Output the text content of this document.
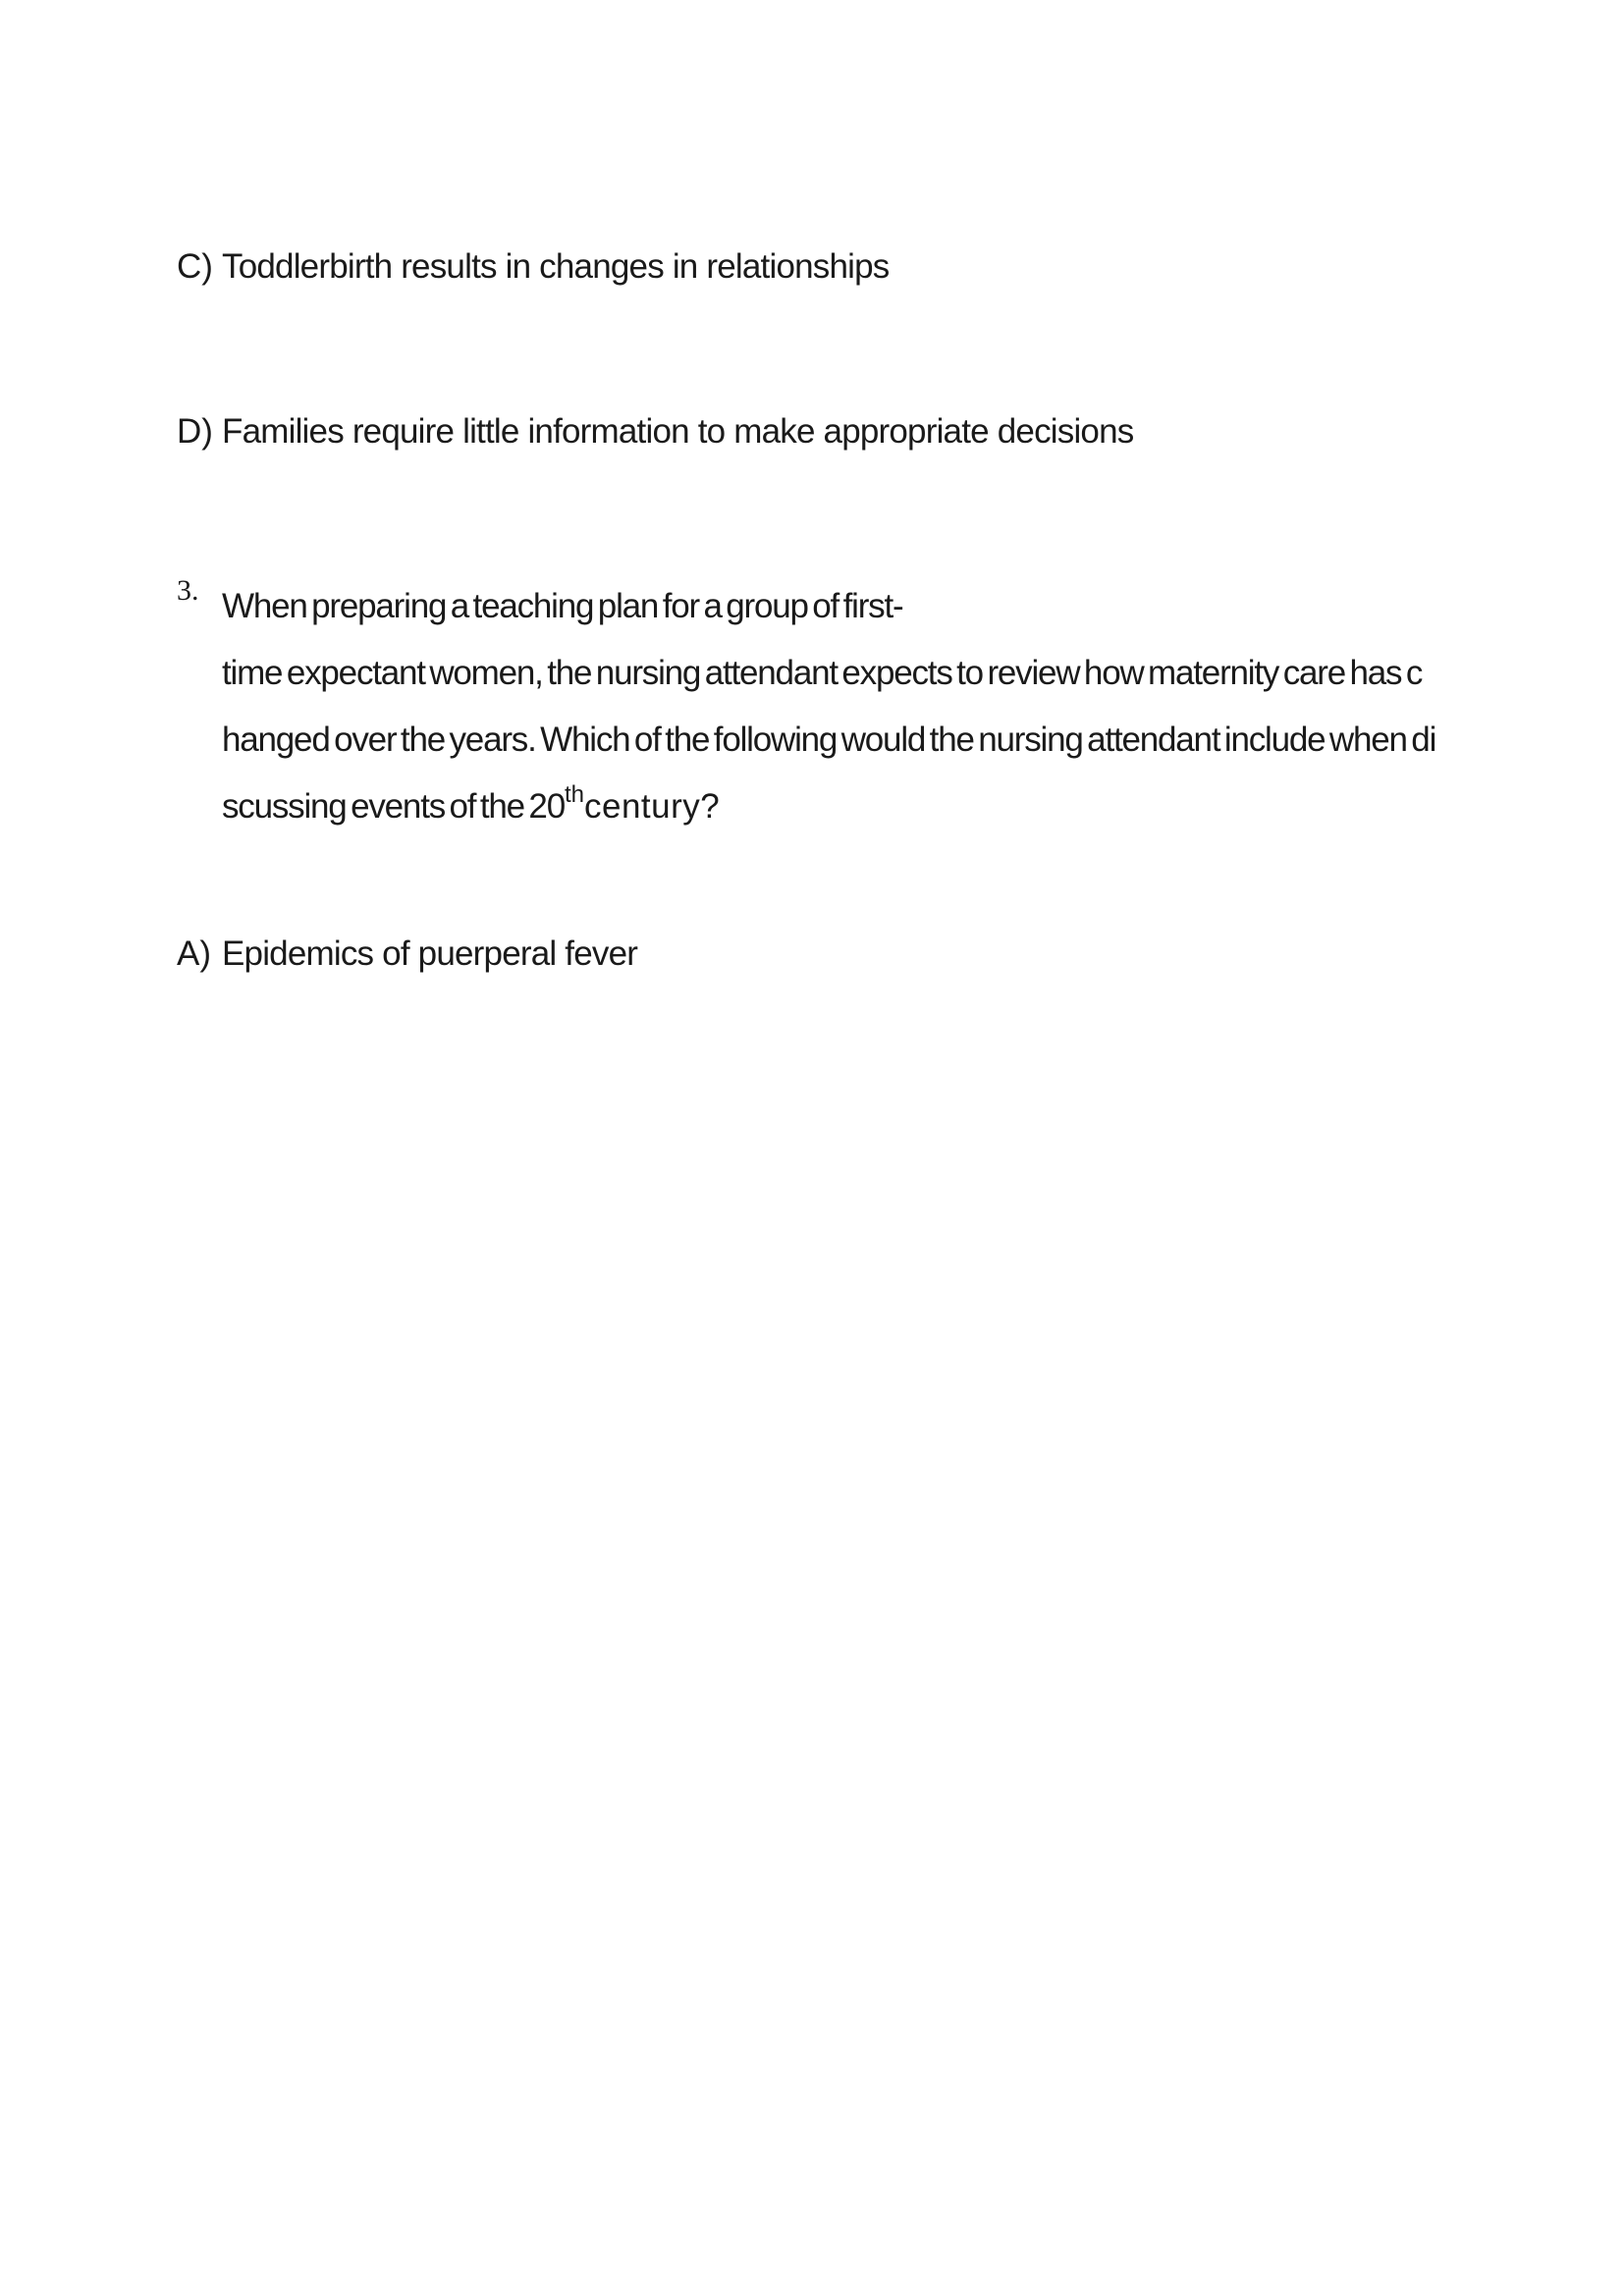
C) Toddlerbirth results in changes in relationships
D) Families require little information to make appropriate decisions
3. When preparing a teaching plan for a group of first-
time expectant women, the nursing attendant expects to review how maternity care has c
hanged over the years. Which of the following would the nursing attendant include when di
scussing events of the 20thcentury?
A) Epidemics of puerperal fever
